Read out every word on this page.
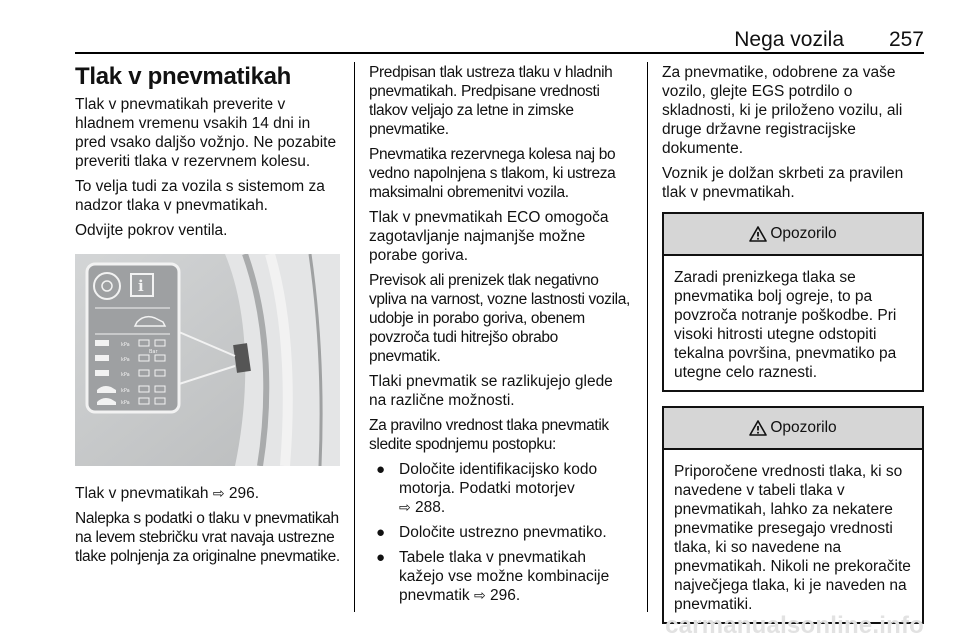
Nega vozila 257
Tlak v pnevmatikah

Tlak v pnevmatikah preverite v hladnem vremenu vsakih 14 dni in pred vsako daljšo vožnjo. Ne pozabite preveriti tlaka v rezervnem kolesu.

To velja tudi za vozila s sistemom za nadzor tlaka v pnevmatikah.

Odvijte pokrov ventila.

i
kPa
kPa
Bar
kPa
kPa
kPa

Tlak v pnevmatikah ⇨ 296.

Nalepka s podatki o tlaku v pnevmatikah na levem stebričku vrat navaja ustrezne tlake polnjenja za originalne pnevmatike.

Predpisan tlak ustreza tlaku v hladnih pnevmatikah. Predpisane vrednosti tlakov veljajo za letne in zimske pnevmatike.

Pnevmatika rezervnega kolesa naj bo vedno napolnjena s tlakom, ki ustreza maksimalni obremenitvi vozila.

Tlak v pnevmatikah ECO omogoča zagotavljanje najmanjše možne porabe goriva.

Previsok ali prenizek tlak negativno vpliva na varnost, vozne lastnosti vozila, udobje in porabo goriva, obenem povzroča tudi hitrejšo obrabo pnevmatik.

Tlaki pnevmatik se razlikujejo glede na različne možnosti.

Za pravilno vrednost tlaka pnevmatik sledite spodnjemu postopku:

● Določite identifikacijsko kodo motorja. Podatki motorjev
⇨ 288.
● Določite ustrezno pnevmatiko.
● Tabele tlaka v pnevmatikah kažejo vse možne kombinacije pnevmatik ⇨ 296.

Za pnevmatike, odobrene za vaše vozilo, glejte EGS potrdilo o skladnosti, ki je priloženo vozilu, ali druge državne registracijske dokumente.

Voznik je dolžan skrbeti za pravilen tlak v pnevmatikah.

Opozorilo
Zaradi prenizkega tlaka se pnevmatika bolj ogreje, to pa povzroča notranje poškodbe. Pri visoki hitrosti utegne odstopiti tekalna površina, pnevmatiko pa utegne celo raznesti.
Opozorilo
Priporočene vrednosti tlaka, ki so navedene v tabeli tlaka v pnevmatikah, lahko za nekatere pnevmatike presegajo vrednosti tlaka, ki so navedene na pnevmatikah. Nikoli ne prekoračite največjega tlaka, ki je naveden na pnevmatiki.
carmanualsonline.info
